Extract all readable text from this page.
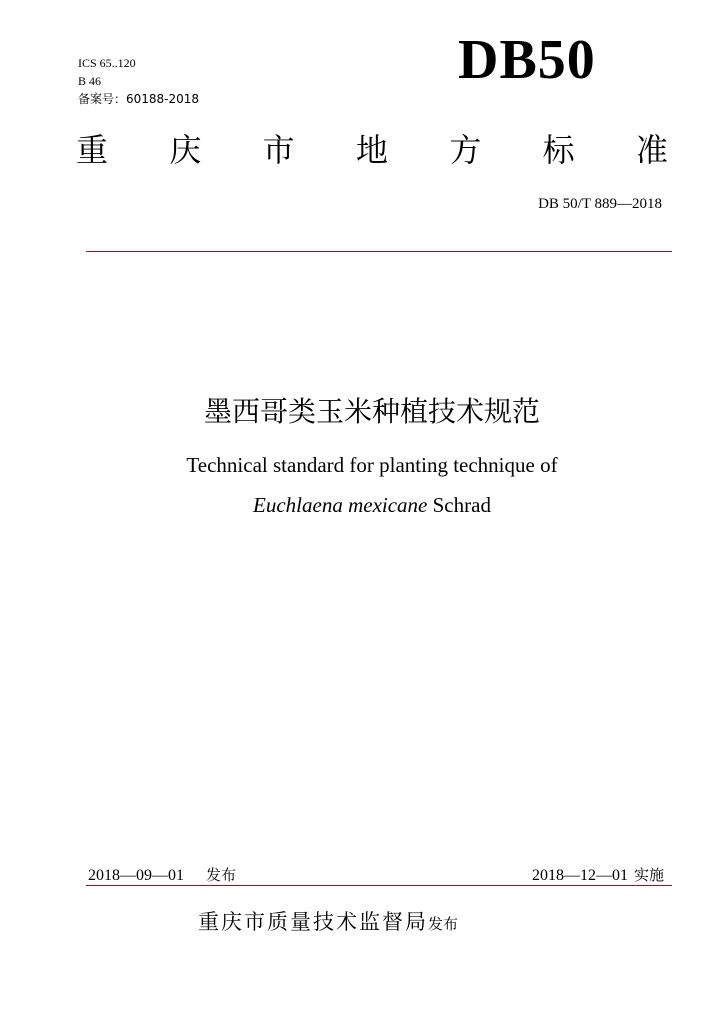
ICS 65..120
B 46
备案号：60188-2018
DB50
重 庆 市 地 方 标 准
DB 50/T 889—2018
墨西哥类玉米种植技术规范
Technical standard for planting technique of
Euchlaena mexicane Schrad
2018—09—01 发布	2018—12—01 实施
重庆市质量技术监督局发布
